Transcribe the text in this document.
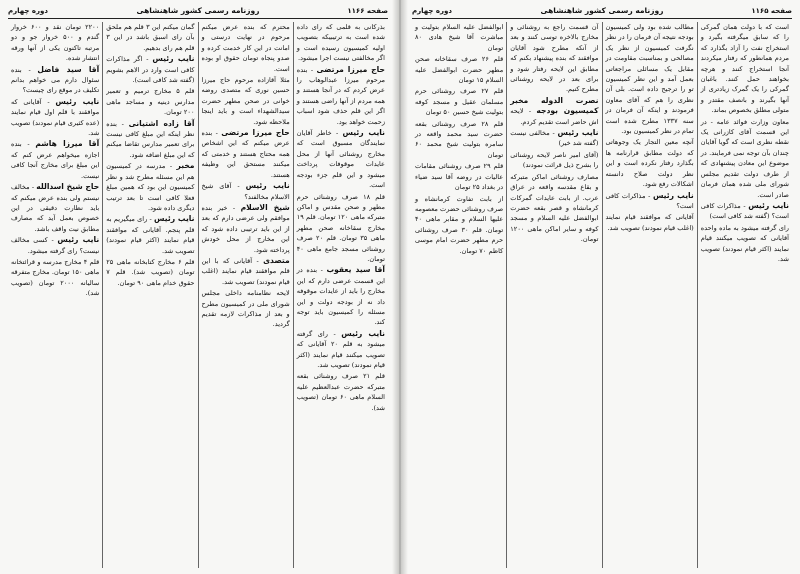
صفحه ۱۱۶۶
روزنامه رسمی کشور شاهنشاهی
دوره چهارم

بذرکانی به قلمی که رای داده شده است به ترتیبیکه بتصویب اولیه کمیسیون رسیده است و اگر مخالفتی نیست اجرا میشود.

حاج میرزا مرتضی - بنده مرحوم میرزا عبدالوهاب را عرض کردم که در آنجا هستند و همه مردم از آنها راضی هستند و اگر این قلم حذف شود اسباب زحمت خواهد بود.

نایب رئیس - خاطر آقایان نمایندگان مسبوق است که مخارج روشنائی آنها از محل عایدات موقوفات پرداخت میشود و این قلم جزء بودجه است.

قلم ۱۸ صرف روشنائی حرم مطهر و صحن مقدس و اماکن متبرکه ماهی ۱۲۰ تومان. قلم ۱۹ مخارج سقاخانه صحن مطهر ماهی ۳۵ تومان. قلم ۲۰ صرف روشنائی مسجد جامع ماهی ۴۰ تومان.

آقا سید یعقوب - بنده در این قسمت عرضی دارم که این مخارج را باید از عایدات موقوفه داد نه از بودجه دولت و این مسئله را کمیسیون باید توجه کند.

نایب رئیس - رای گرفته میشود به قلم ۲۰ آقایانی که تصویب میکنند قیام نمایند (اکثر قیام نمودند) تصویب شد.

قلم ۲۱ صرف روشنائی بقعه متبرکه حضرت عبدالعظیم علیه السلام ماهی ۶۰ تومان (تصویب شد).

محترم که بنده عرض میکنم مرحوم در نهایت درستی و امانت در این کار خدمت کرده و صدو پنجاه تومان حقوق او بوده است.

مثلا آقازاده مرحوم حاج میرزا حسین نوری که متصدی روضه خوانی در صحن مطهر حضرت سیدالشهداء است و باید اینجا ملاحظه شود.

حاج میرزا مرتضی - بنده عرض میکنم که این اشخاص همه محتاج هستند و خدمتی که میکنند مستحق این وظیفه هستند.

نایب رئیس - آقای شیخ الاسلام مخالفند؟

شیخ الاسلام - خیر بنده موافقم ولی عرضی دارم که بعد از این باید ترتیبی داده شود که این مخارج از محل خودش پرداخته شود.

متصدی - آقایانی که با این قلم موافقند قیام نمایند (اغلب قیام نمودند) تصویب شد.

لایحه نظامنامه داخلی مجلس شورای ملی در کمیسیون مطرح و بعد از مذاکرات لازمه تقدیم گردید.

گمان میکنم این ۳ قلم هم ملحق بآن رای اسبق باشد در این ۳ قلم هم رای بدهیم.

نایب رئیس - اگر مذاکرات کافی است وارد در الاهم بشویم (گفته شد کافی است).

قلم ۵ مخارج ترمیم و تعمیر مدارس دینیه و مساجد ماهی ۲۰۰ تومان.

آقا زاده اشتیانی - بنده نظر اینکه این مبلغ کافی نیست برای تعمیر مدارس تقاضا میکنم که این مبلغ اضافه شود.

مخبر - مدرسه در کمیسیون هم این مسئله مطرح شد و نظر کمیسیون این بود که همین مبلغ فعلا کافی است تا بعد ترتیب دیگری داده شود.

نایب رئیس - رای میگیریم به قلم پنجم. آقایانی که موافقند قیام نمایند (اکثر قیام نمودند) تصویب شد.

قلم ۶ مخارج کتابخانه ماهی ۲۵ تومان (تصویب شد). قلم ۷ حقوق خدام ماهی ۹۰ تومان.

۲۲۰۰ تومان نقد و ۶۰۰ خروار گندم و ۵۰۰ خروار جو و دو مرتبه تاکنون یکی از آنها ورقه انتشار شده.

آقا سید فاضل - بنده سئوال دارم می خواهم بدانم تکلیف در موقع رای چیست؟

نایب رئیس - آقایانی که موافقند با قلم اول قیام نمایند (عده کثیری قیام نمودند) تصویب شد.

آقا میرزا هاشم - بنده اجازه میخواهم عرض کنم که این مبلغ برای مخارج آنجا کافی نیست.

حاج شیخ اسدالله - مخالف نیستم ولی بنده عرض میکنم که باید نظارت دقیقی در این خصوص بعمل آید که مصارف مطابق نیت واقف باشد.

نایب رئیس - کسی مخالف نیست؟ رای گرفته میشود.

قلم ۴ مخارج مدرسه و قرائتخانه ماهی ۱۵۰ تومان. مخارج متفرقه سالیانه ۲۰۰۰ تومان (تصویب شد).

صفحه ۱۱۶۵
روزنامه رسمی کشور شاهنشاهی
دوره چهارم

است که با دولت همان گمرکی را که سابق میگرفته بگیرد و استخراج نفت را آزاد بگذارد که مردم همانطور که رفتار میکردند آنجا استخراج کنند و هرچه بخواهند حمل کنند. باغبان گمرکی را یک گمرک زیادتری از آنها بگیرند و بانصف مقتدر و متولی مطلق بخصوص بماند.

معاون وزارت فوائد عامه - در این قسمت آقای کازرانی یک نقطه نظری است که گویا آقایان چندان بآن توجه نمی فرمایند. در موضوع این معادن پیشنهادی که از طرف دولت تقدیم مجلس شورای ملی شده همان فرمان صادر است.

نایب رئیس - مذاکرات کافی است؟ (گفته شد کافی است)

رای گرفته میشود به ماده واحده آقایانی که تصویب میکنند قیام نمایند (اکثر قیام نمودند) تصویب شد.

مطالب شده بود ولی کمیسیون بودجه نتیجه آن فرمان را در نظر نگرفت کمیسیون از نظر یک مصالحی و بمناسبت مقاومت در مقابل یک مسائلی مراجعاتی بعمل آمد و این نظر کمیسیون تو را ترجیح داده است. بلی آن نظری را هم که آقای معاون فرمودند و اینکه آن فرمان در سنه ۱۳۳۷ مطرح شده است تمام در نظر کمیسیون بود.

آنچه معین التجار یک وجوهاتی که دولت مطابق قرارنامه ها بگذارد رفتار نکرده است و این نظر دولت صلاح دانسته اشکالات رفع شود.

نایب رئیس - مذاکرات کافی است؟

آقایانی که موافقند قیام نمایند (اغلب قیام نمودند) تصویب شد.

آن قسمت راجع به روشنائی و مخارج بالاخره توسی کنند و بعد از آنکه مطرح شود آقایان موافقند که بنده پیشنهاد بکنم که مطابق این لایحه رفتار شود و برای بعد در لایحه روشنائی مطرح کنیم.

نصرت الدوله مخبر کمیسیون بودجه - لایحه اش حاضر است تقدیم کردم.

نایب رئیس - مخالفی نیست (گفته شد خیر)

(آقای امیر ناصر لایحه روشنائی را بشرح ذیل قرائت نمودند)

مصارف روشنائی اماکن متبرکه و بقاع مقدسه واقعه در عراق عرب. از بابت عایدات گمرکات کرمانشاه و قصر بقعه حضرت ابوالفضل علیه السلام و مسجد کوفه و سایر اماکن ماهی ۱۲۰۰ تومان.

ابوالفضل علیه السلام بتولیت و مباشرت آقا شیخ هادی ۸۰ تومان

قلم ۲۶ صرف سقاخانه صحن مطهر حضرت ابوالفضل علیه السلام ۱۵ تومان

قلم ۲۷ صرف روشنائی حرم مسلمان عقیل و مسجد کوفه بتولیت شیخ حسین ۵۰ تومان

قلم ۲۸ صرف روشنائی بقعه حضرت سید محمد واقعه در سامره بتولیت شیخ محمد ۶۰ تومان

قلم ۲۹ صرف روشنائی مقامات عالیات در روضه آقا سید ضیاء در بغداد ۲۵ تومان

از بابت تفاوت کرمانشاه و صرف روشنائی حضرت معصومه علیها السلام و مقابر ماهی ۴۰ تومان. قلم ۳۰ صرف روشنائی حرم مطهر حضرت امام موسی کاظم ۷۰ تومان.
